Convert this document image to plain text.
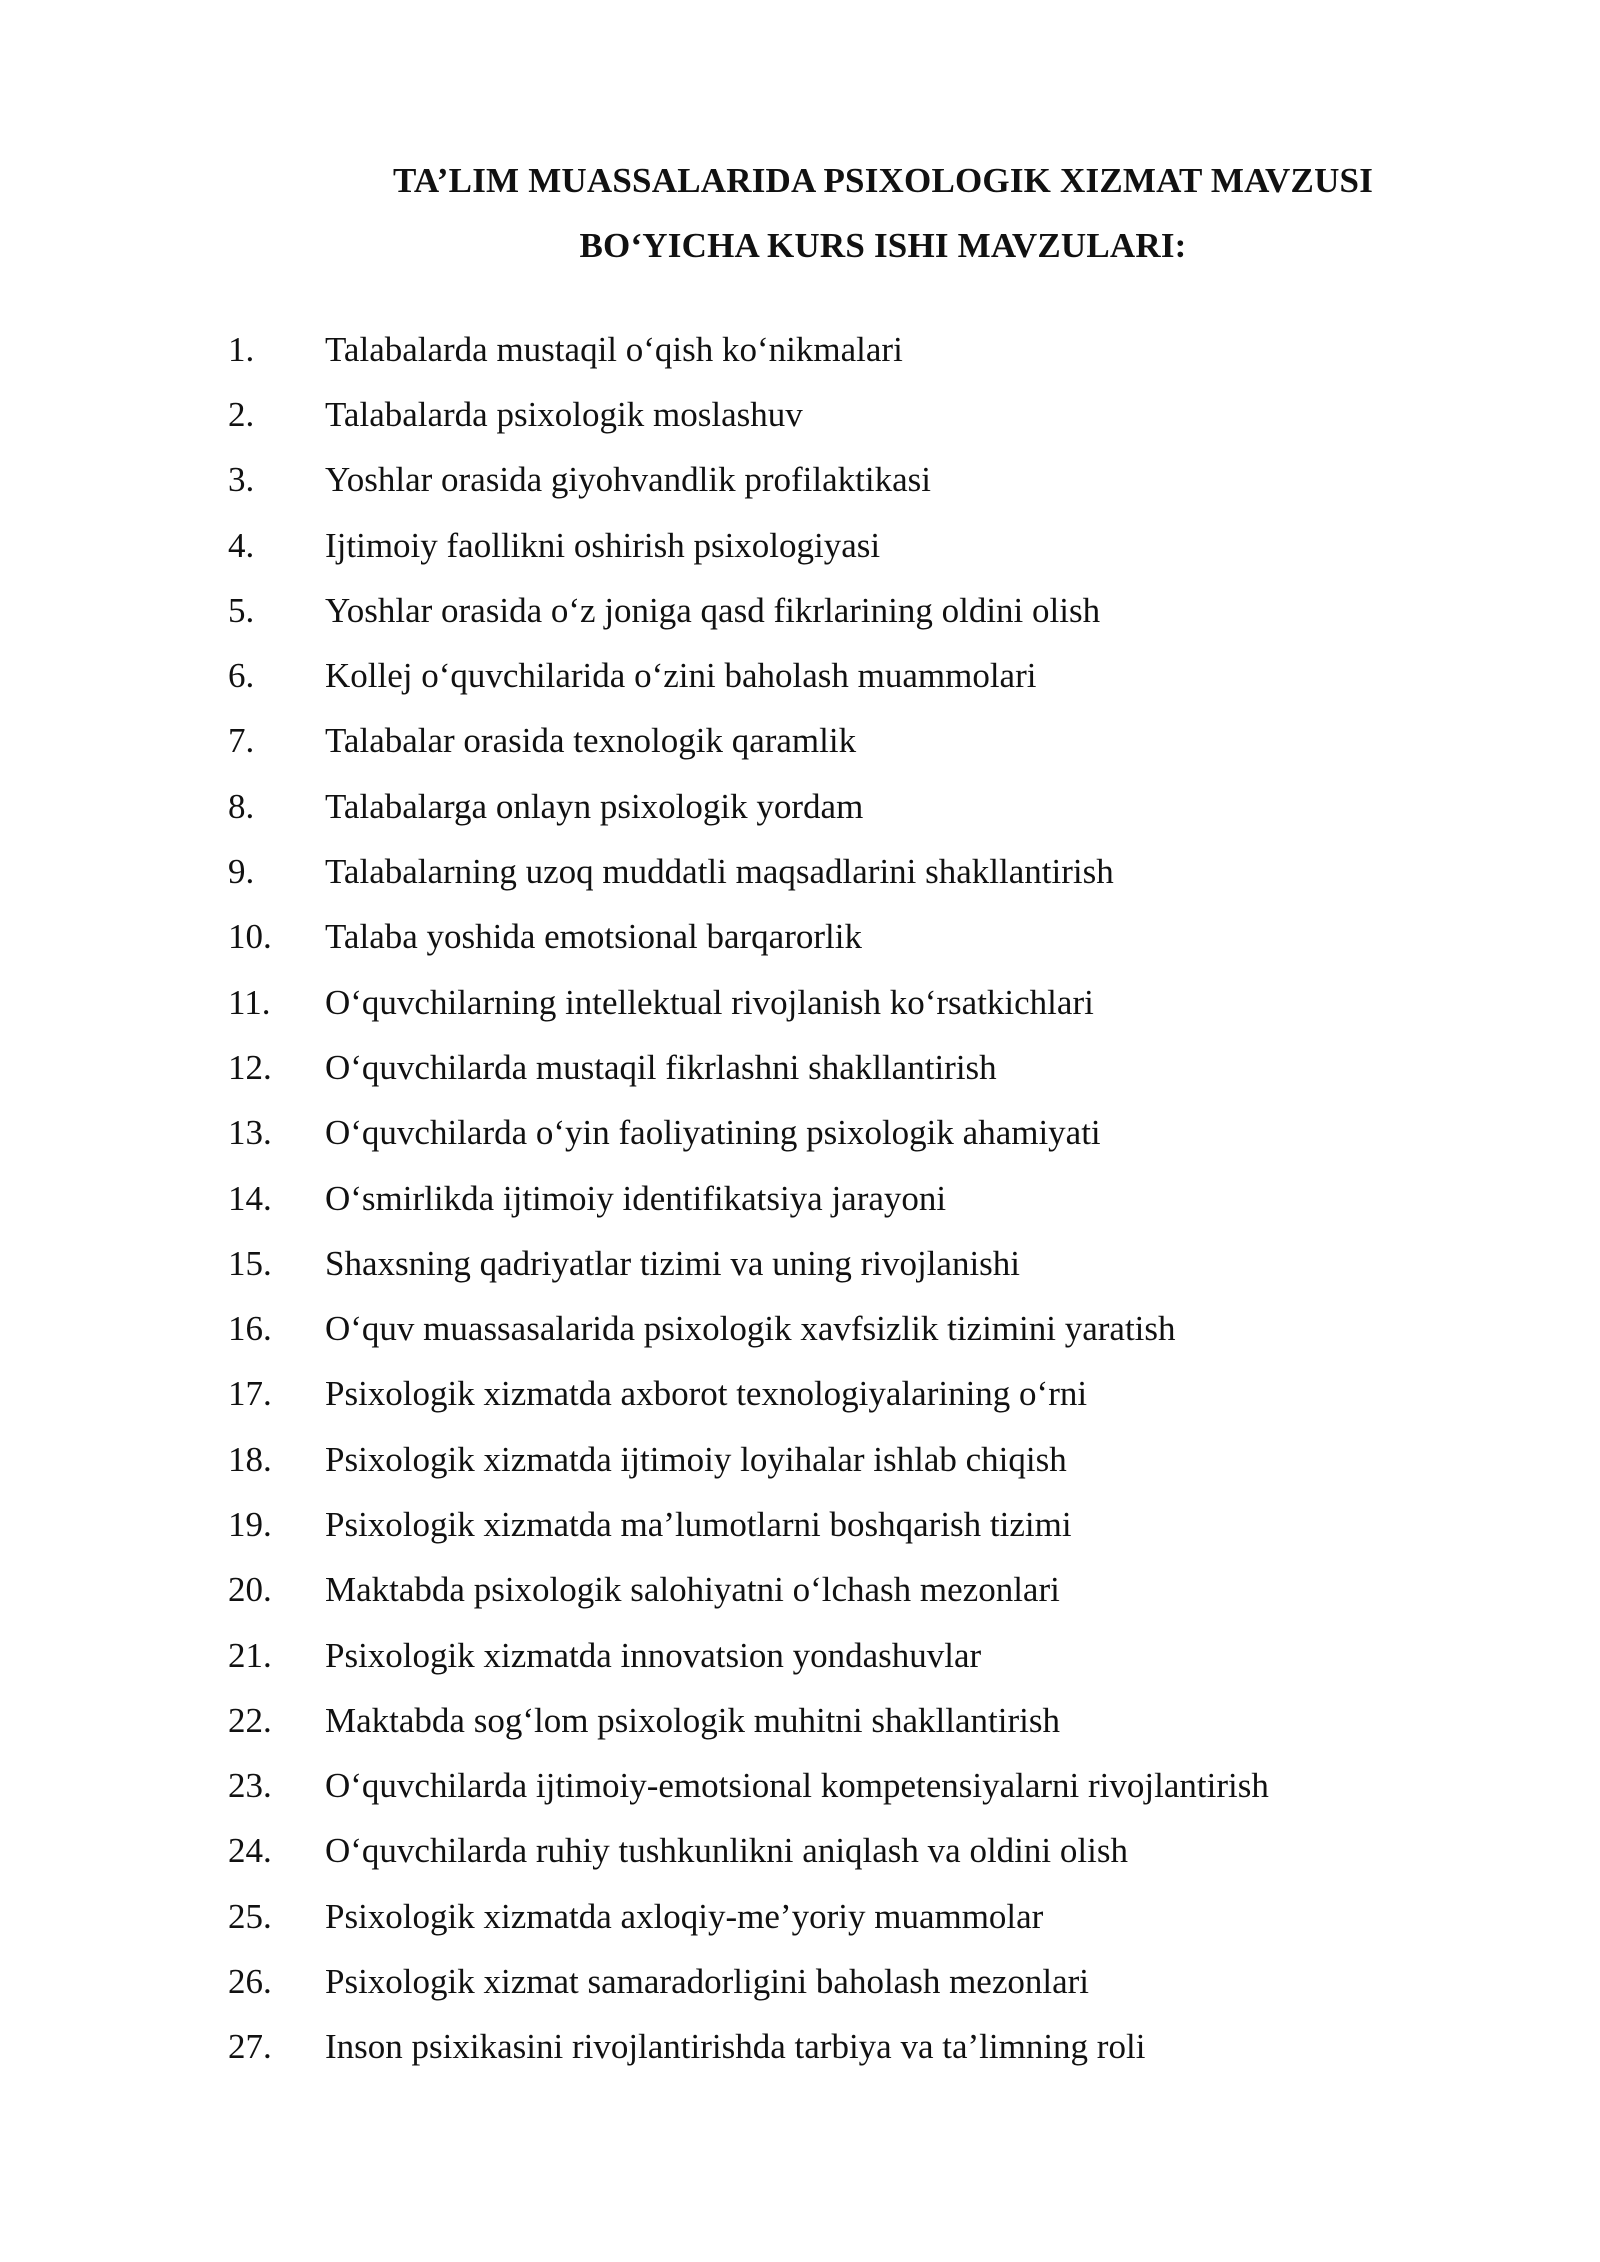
TA’LIM MUASSALARIDA PSIXOLOGIK XIZMAT MAVZUSI
BO‘YICHA KURS ISHI MAVZULARI:
1.	Talabalarda mustaqil o‘qish ko‘nikmalari
2.	Talabalarda psixologik moslashuv
3.	Yoshlar orasida giyohvandlik profilaktikasi
4.	Ijtimoiy faollikni oshirish psixologiyasi
5.	Yoshlar orasida o‘z joniga qasd fikrlarining oldini olish
6.	Kollej o‘quvchilarida o‘zini baholash muammolari
7.	Talabalar orasida texnologik qaramlik
8.	Talabalarga onlayn psixologik yordam
9.	Talabalarning uzoq muddatli maqsadlarini shakllantirish
10.	Talaba yoshida emotsional barqarorlik
11.	O‘quvchilarning intellektual rivojlanish ko‘rsatkichlari
12.	O‘quvchilarda mustaqil fikrlashni shakllantirish
13.	O‘quvchilarda o‘yin faoliyatining psixologik ahamiyati
14.	O‘smirlikda ijtimoiy identifikatsiya jarayoni
15.	Shaxsning qadriyatlar tizimi va uning rivojlanishi
16.	O‘quv muassasalarida psixologik xavfsizlik tizimini yaratish
17.	Psixologik xizmatda axborot texnologiyalarining o‘rni
18.	Psixologik xizmatda ijtimoiy loyihalar ishlab chiqish
19.	Psixologik xizmatda ma’lumotlarni boshqarish tizimi
20.	Maktabda psixologik salohiyatni o‘lchash mezonlari
21.	Psixologik xizmatda innovatsion yondashuvlar
22.	Maktabda sog‘lom psixologik muhitni shakllantirish
23.	O‘quvchilarda ijtimoiy-emotsional kompetensiyalarni rivojlantirish
24.	O‘quvchilarda ruhiy tushkunlikni aniqlash va oldini olish
25.	Psixologik xizmatda axloqiy-me’yoriy muammolar
26.	Psixologik xizmat samaradorligini baholash mezonlari
27.	Inson psixikasini rivojlantirishda tarbiya va ta’limning roli
